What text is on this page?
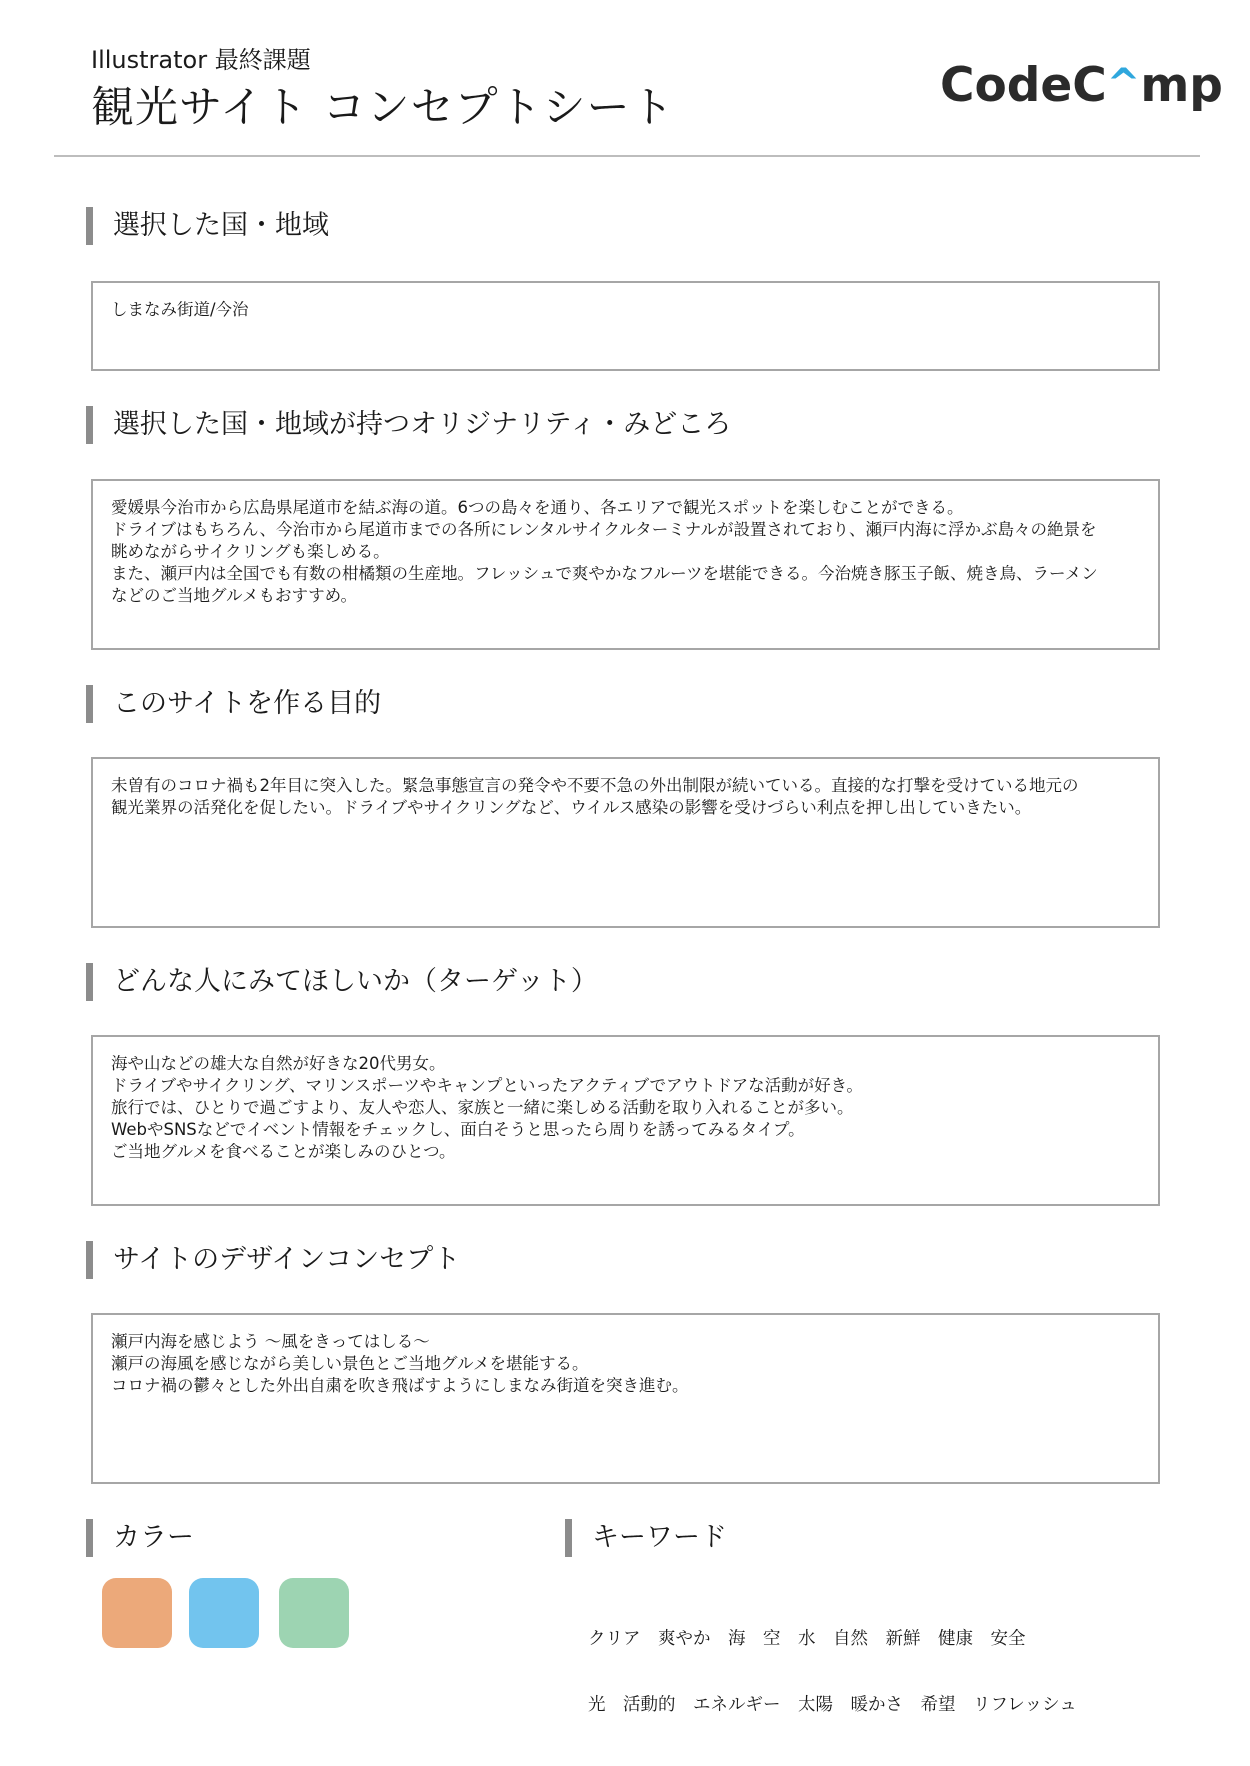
Illustrator 最終課題
観光サイト コンセプトシート	CodeC^mp
選択した国・地域
しまなみ街道/今治
選択した国・地域が持つオリジナリティ・みどころ
愛媛県今治市から広島県尾道市を結ぶ海の道。6つの島々を通り、各エリアで観光スポットを楽しむことができる。
ドライブはもちろん、今治市から尾道市までの各所にレンタルサイクルターミナルが設置されており、瀬戸内海に浮かぶ島々の絶景を
眺めながらサイクリングも楽しめる。
また、瀬戸内は全国でも有数の柑橘類の生産地。フレッシュで爽やかなフルーツを堪能できる。今治焼き豚玉子飯、焼き鳥、ラーメン
などのご当地グルメもおすすめ。
このサイトを作る目的
未曽有のコロナ禍も2年目に突入した。緊急事態宣言の発令や不要不急の外出制限が続いている。直接的な打撃を受けている地元の
観光業界の活発化を促したい。ドライブやサイクリングなど、ウイルス感染の影響を受けづらい利点を押し出していきたい。
どんな人にみてほしいか（ターゲット）
海や山などの雄大な自然が好きな20代男女。
ドライブやサイクリング、マリンスポーツやキャンプといったアクティブでアウトドアな活動が好き。
旅行では、ひとりで過ごすより、友人や恋人、家族と一緒に楽しめる活動を取り入れることが多い。
WebやSNSなどでイベント情報をチェックし、面白そうと思ったら周りを誘ってみるタイプ。
ご当地グルメを食べることが楽しみのひとつ。
サイトのデザインコンセプト
瀬戸内海を感じよう ～風をきってはしる～
瀬戸の海風を感じながら美しい景色とご当地グルメを堪能する。
コロナ禍の鬱々とした外出自粛を吹き飛ばすようにしまなみ街道を突き進む。
カラー	キーワード

クリア　爽やか　海　空　水　自然　新鮮　健康　安全

光　活動的　エネルギー　太陽　暖かさ　希望　リフレッシュ
